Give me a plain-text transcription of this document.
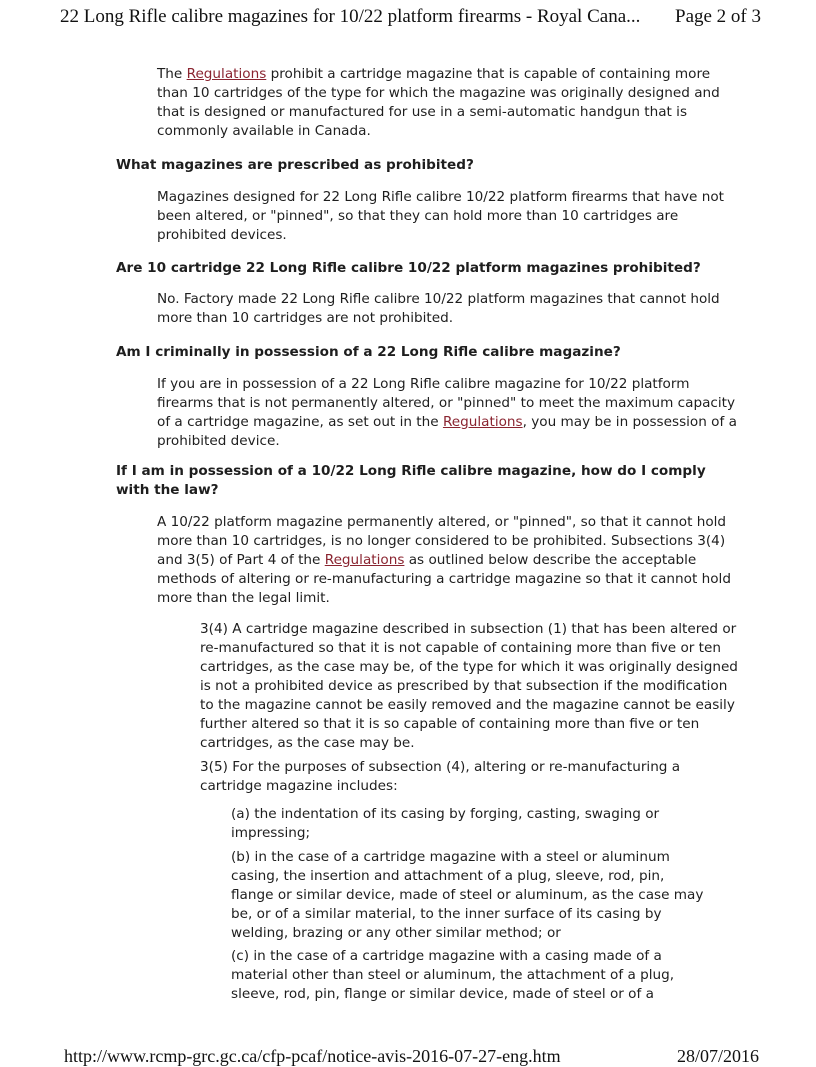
22 Long Rifle calibre magazines for 10/22 platform firearms - Royal Cana... Page 2 of 3

The Regulations prohibit a cartridge magazine that is capable of containing more than 10 cartridges of the type for which the magazine was originally designed and that is designed or manufactured for use in a semi-automatic handgun that is commonly available in Canada.

What magazines are prescribed as prohibited?

Magazines designed for 22 Long Rifle calibre 10/22 platform firearms that have not been altered, or "pinned", so that they can hold more than 10 cartridges are prohibited devices.

Are 10 cartridge 22 Long Rifle calibre 10/22 platform magazines prohibited?

No. Factory made 22 Long Rifle calibre 10/22 platform magazines that cannot hold more than 10 cartridges are not prohibited.

Am I criminally in possession of a 22 Long Rifle calibre magazine?

If you are in possession of a 22 Long Rifle calibre magazine for 10/22 platform firearms that is not permanently altered, or "pinned" to meet the maximum capacity of a cartridge magazine, as set out in the Regulations, you may be in possession of a prohibited device.

If I am in possession of a 10/22 Long Rifle calibre magazine, how do I comply with the law?

A 10/22 platform magazine permanently altered, or "pinned", so that it cannot hold more than 10 cartridges, is no longer considered to be prohibited. Subsections 3(4) and 3(5) of Part 4 of the Regulations as outlined below describe the acceptable methods of altering or re-manufacturing a cartridge magazine so that it cannot hold more than the legal limit.

3(4) A cartridge magazine described in subsection (1) that has been altered or re-manufactured so that it is not capable of containing more than five or ten cartridges, as the case may be, of the type for which it was originally designed is not a prohibited device as prescribed by that subsection if the modification to the magazine cannot be easily removed and the magazine cannot be easily further altered so that it is so capable of containing more than five or ten cartridges, as the case may be.

3(5) For the purposes of subsection (4), altering or re-manufacturing a cartridge magazine includes:

(a) the indentation of its casing by forging, casting, swaging or impressing;

(b) in the case of a cartridge magazine with a steel or aluminum casing, the insertion and attachment of a plug, sleeve, rod, pin, flange or similar device, made of steel or aluminum, as the case may be, or of a similar material, to the inner surface of its casing by welding, brazing or any other similar method; or

(c) in the case of a cartridge magazine with a casing made of a material other than steel or aluminum, the attachment of a plug, sleeve, rod, pin, flange or similar device, made of steel or of a

http://www.rcmp-grc.gc.ca/cfp-pcaf/notice-avis-2016-07-27-eng.htm	28/07/2016
